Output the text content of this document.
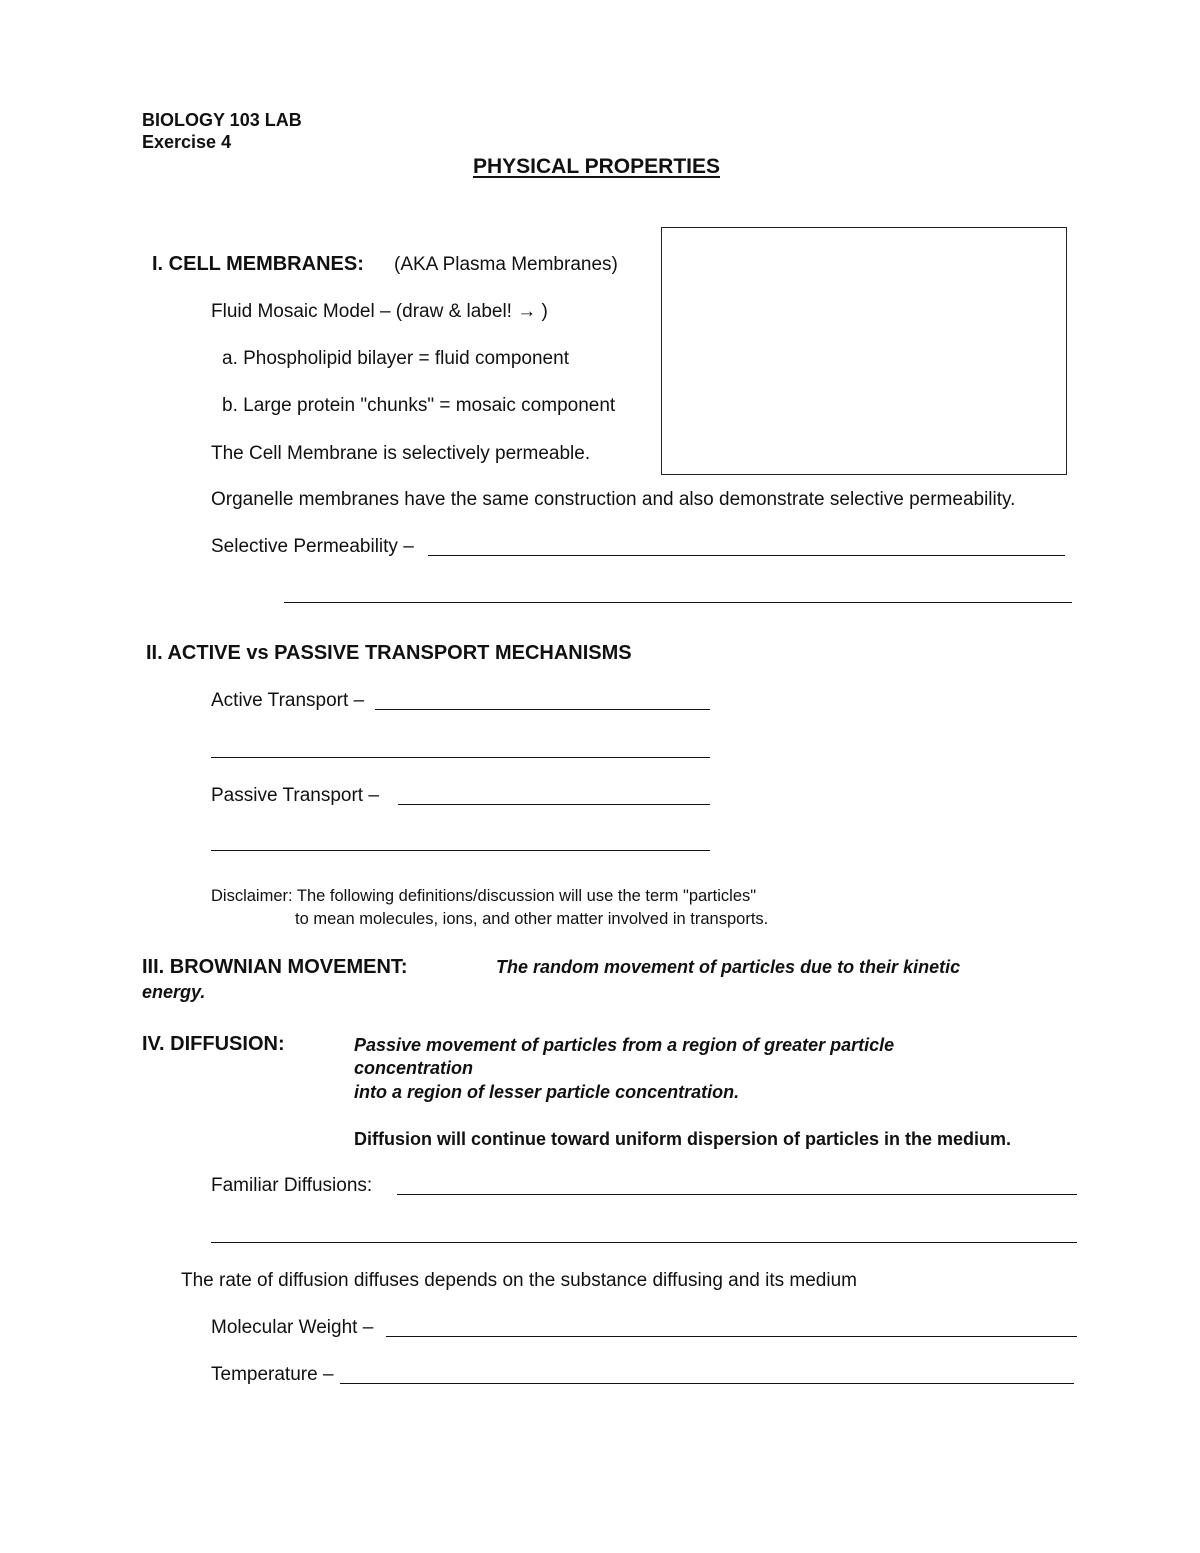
BIOLOGY 103 LAB
Exercise 4
PHYSICAL PROPERTIES
I. CELL MEMBRANES: (AKA Plasma Membranes)
Fluid Mosaic Model – (draw & label! → )
a. Phospholipid bilayer = fluid component
b. Large protein "chunks" = mosaic component
The Cell Membrane is selectively permeable.
Organelle membranes have the same construction and also demonstrate selective permeability.
Selective Permeability –
II. ACTIVE vs PASSIVE TRANSPORT MECHANISMS
Active Transport –
Passive Transport –
Disclaimer: The following definitions/discussion will use the term "particles"
to mean molecules, ions, and other matter involved in transports.
III. BROWNIAN MOVEMENT:	The random movement of particles due to their kinetic
energy.
IV. DIFFUSION:	Passive movement of particles from a region of greater particle
concentration
into a region of lesser particle concentration.
Diffusion will continue toward uniform dispersion of particles in the medium.
Familiar Diffusions:
The rate of diffusion diffuses depends on the substance diffusing and its medium
Molecular Weight –
Temperature –
